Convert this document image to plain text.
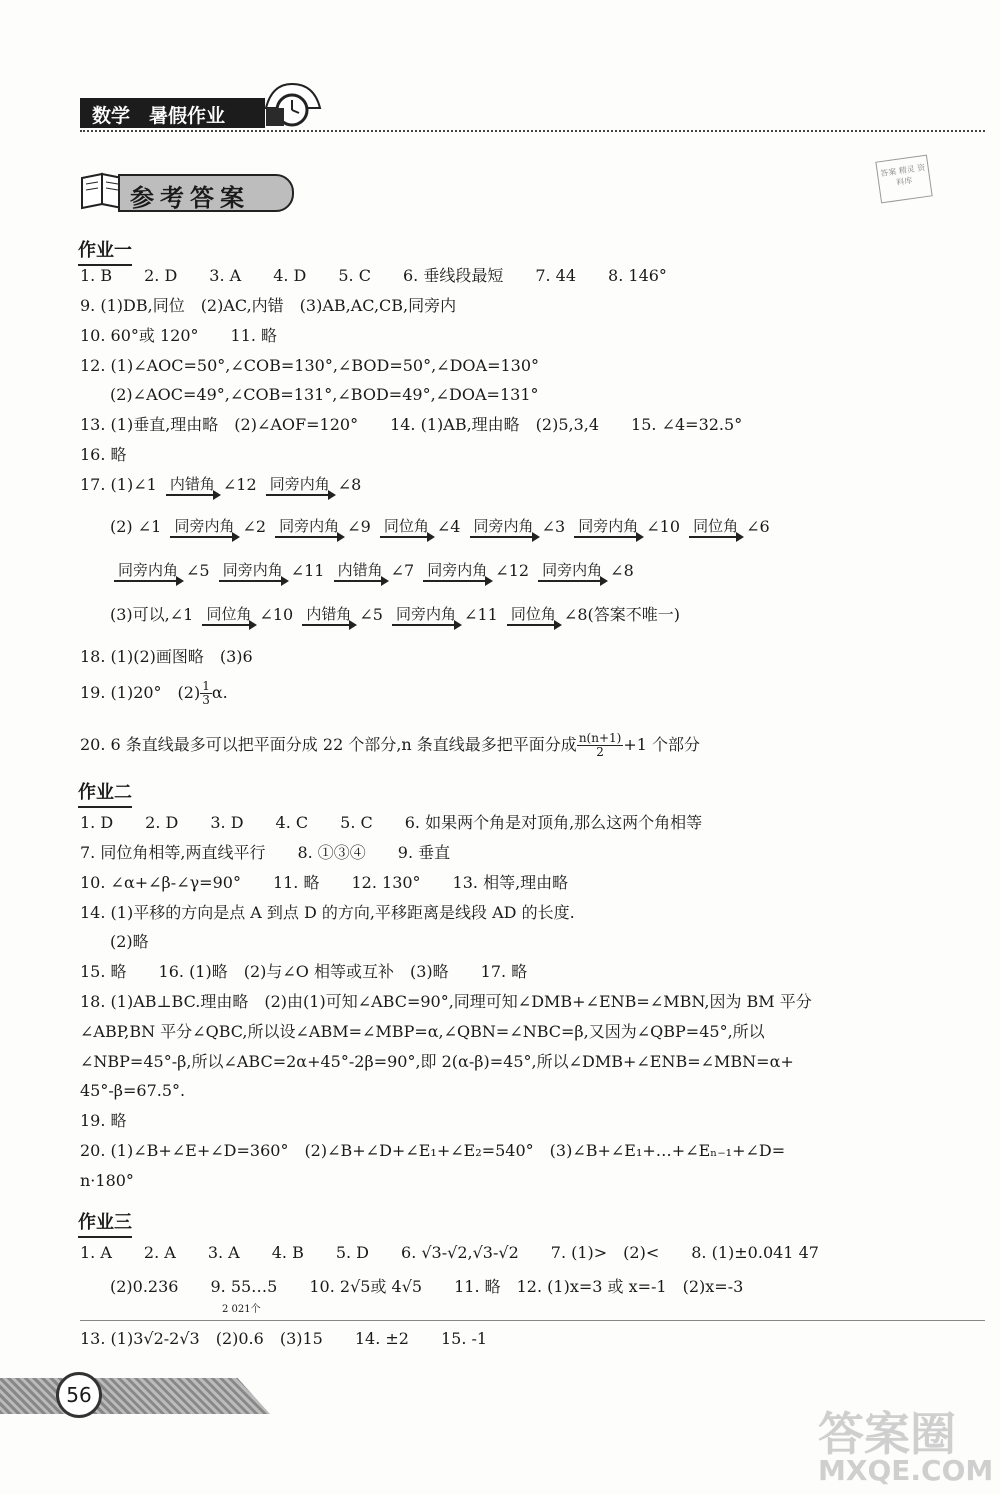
数学　暑假作业
参考答案
答案 精灵 资料库
作业一
1. B　　2. D　　3. A　　4. D　　5. C　　6. 垂线段最短　　7. 44　　8. 146°
9. (1)DB,同位　(2)AC,内错　(3)AB,AC,CB,同旁内
10. 60°或 120°　　11. 略
12. (1)∠AOC=50°,∠COB=130°,∠BOD=50°,∠DOA=130°
(2)∠AOC=49°,∠COB=131°,∠BOD=49°,∠DOA=131°
13. (1)垂直,理由略　(2)∠AOF=120°　　14. (1)AB,理由略　(2)5,3,4　　15. ∠4=32.5°
16. 略
17. (1)∠1 内错角 ∠12 同旁内角 ∠8
(2) ∠1 同旁内角 ∠2 同旁内角 ∠9 同位角 ∠4 同旁内角 ∠3 同旁内角 ∠10 同位角 ∠6
同旁内角 ∠5 同旁内角 ∠11 内错角 ∠7 同旁内角 ∠12 同旁内角 ∠8
(3)可以,∠1 同位角 ∠10 内错角 ∠5 同旁内角 ∠11 同位角 ∠8(答案不唯一)
18. (1)(2)画图略　(3)6
19. (1)20°　$(2) \frac{1}{3} \alpha$.
20. 6 条直线最多可以把平面分成 22 个部分,n 条直线最多把平面分成 $\frac{n(n+1)}{2} +1$ 个部分
作业二
1. D　　2. D　　3. D　　4. C　　5. C　　6. 如果两个角是对顶角,那么这两个角相等
7. 同位角相等,两直线平行　　8. ①③④　　9. 垂直
10. ∠α+∠β-∠γ=90°　　11. 略　　12. 130°　　13. 相等,理由略
14. (1)平移的方向是点 A 到点 D 的方向,平移距离是线段 AD 的长度.
(2)略
15. 略　　16. (1)略　(2)与∠O 相等或互补　(3)略　　17. 略
18. (1)AB⊥BC.理由略　(2)由(1)可知∠ABC=90°,同理可知∠DMB+∠ENB=∠MBN,因为 BM 平分
∠ABP,BN 平分∠QBC,所以设∠ABM=∠MBP=α,∠QBN=∠NBC=β,又因为∠QBP=45°,所以
∠NBP=45°-β,所以∠ABC=2α+45°-2β=90°,即 2(α-β)=45°,所以∠DMB+∠ENB=∠MBN=α+
45°-β=67.5°.
19. 略
20. (1)∠B+∠E+∠D=360°　(2)∠B+∠D+∠E₁+∠E₂=540°　(3)∠B+∠E₁+…+∠Eₙ₋₁+∠D=
n·180°
作业三
1. A　　2. A　　3. A　　4. B　　5. D　　6. √3-√2,√3-√2　　7. (1)>　(2)<　　8. (1)±0.041 47
(2)0.236　　9. 55…5　　10. 2√5或 4√5　　11. 略　12. (1)x=3 或 x=-1　(2)x=-3
2 021个
13. (1)3√2-2√3　(2)0.6　(3)15　　14. ±2　　15. -1
56
答案圈
MXQE.COM
